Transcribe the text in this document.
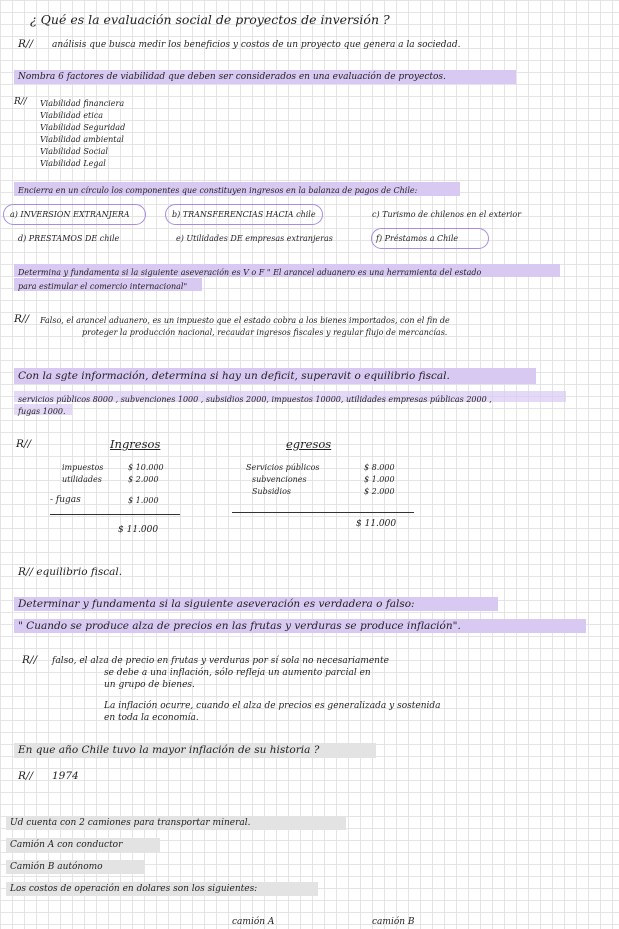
¿ Qué es la evaluación social de proyectos de inversión ?
R// análisis que busca medir los beneficios y costos de un proyecto que genera a la sociedad.
Nombra 6 factores de viabilidad que deben ser considerados en una evaluación de proyectos.
R// Viabilidad financiera
Viabilidad etica
Viabilidad Seguridad
Viabilidad ambiental
Viabilidad Social
Viabilidad Legal
Encierra en un círculo los componentes que constituyen ingresos en la balanza de pagos de Chile:
a) INVERSION EXTRANJERA	b) TRANSFERENCIAS HACIA chile	c) Turismo de chilenos en el exterior
d) PRESTAMOS DE chile	e) Utilidades DE empresas extranjeras	f) Préstamos a Chile
Determina y fundamenta si la siguiente aseveración es V o F " El arancel aduanero es una herramienta del estado
para estimular el comercio internacional"
R// Falso, el arancel aduanero, es un impuesto que el estado cobra a los bienes importados, con el fin de
proteger la producción nacional, recaudar ingresos fiscales y regular flujo de mercancías.
Con la sgte información, determina si hay un deficit, superavit o equilibrio fiscal.
servicios públicos 8000 , subvenciones 1000 , subsidios 2000, impuestos 10000, utilidades empresas públicas 2000 ,
fugas 1000.
R//	Ingresos
impuestos	$ 10.000
utilidades	$ 2.000
- fugas	$ 1.000
$ 11.000
egresos
Servicios públicos	$ 8.000
subvenciones	$ 1.000
Subsidios	$ 2.000
$ 11.000
R// equilibrio fiscal.
Determinar y fundamenta si la siguiente aseveración es verdadera o falso:
" Cuando se produce alza de precios en las frutas y verduras se produce inflación".
R// falso, el alza de precio en frutas y verduras por sí sola no necesariamente
se debe a una inflación, sólo refleja un aumento parcial en
un grupo de bienes.
La inflación ocurre, cuando el alza de precios es generalizada y sostenida
en toda la economía.
En que año Chile tuvo la mayor inflación de su historia ?
R// 1974
Ud cuenta con 2 camiones para transportar mineral.
Camión A con conductor
Camión B autónomo
Los costos de operación en dolares son los siguientes:
camión A	camión B
